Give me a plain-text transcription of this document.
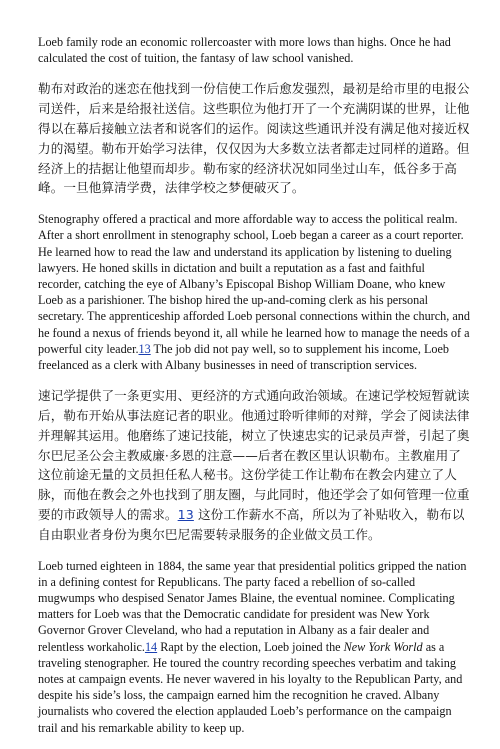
Loeb family rode an economic rollercoaster with more lows than highs. Once he had calculated the cost of tuition, the fantasy of law school vanished.

勒布对政治的迷恋在他找到一份信使工作后愈发强烈，最初是给市里的电报公司送件，后来是给报社送信。这些职位为他打开了一个充满阴谋的世界，让他得以在幕后接触立法者和说客们的运作。阅读这些通讯并没有满足他对接近权力的渴望。勒布开始学习法律，仅仅因为大多数立法者都走过同样的道路。但经济上的拮据让他望而却步。勒布家的经济状况如同坐过山车，低谷多于高峰。一旦他算清学费，法律学校之梦便破灭了。

Stenography offered a practical and more affordable way to access the political realm. After a short enrollment in stenography school, Loeb began a career as a court reporter. He learned how to read the law and understand its application by listening to dueling lawyers. He honed skills in dictation and built a reputation as a fast and faithful recorder, catching the eye of Albany’s Episcopal Bishop William Doane, who knew Loeb as a parishioner. The bishop hired the up-and-coming clerk as his personal secretary. The apprenticeship afforded Loeb personal connections within the church, and he found a nexus of friends beyond it, all while he learned how to manage the needs of a powerful city leader.13 The job did not pay well, so to supplement his income, Loeb freelanced as a clerk with Albany businesses in need of transcription services.

速记学提供了一条更实用、更经济的方式通向政治领域。在速记学校短暂就读后，勒布开始从事法庭记者的职业。他通过聆听律师的对辩，学会了阅读法律并理解其运用。他磨练了速记技能，树立了快速忠实的记录员声誉，引起了奥尔巴尼圣公会主教威廉·多恩的注意——后者在教区里认识勒布。主教雇用了这位前途无量的文员担任私人秘书。这份学徒工作让勒布在教会内建立了人脉，而他在教会之外也找到了朋友圈，与此同时，他还学会了如何管理一位重要的市政领导人的需求。13 这份工作薪水不高，所以为了补贴收入，勒布以自由职业者身份为奥尔巴尼需要转录服务的企业做文员工作。

Loeb turned eighteen in 1884, the same year that presidential politics gripped the nation in a defining contest for Republicans. The party faced a rebellion of so-called mugwumps who despised Senator James Blaine, the eventual nominee. Complicating matters for Loeb was that the Democratic candidate for president was New York Governor Grover Cleveland, who had a reputation in Albany as a fair dealer and relentless workaholic.14 Rapt by the election, Loeb joined the New York World as a traveling stenographer. He toured the country recording speeches verbatim and taking notes at campaign events. He never wavered in his loyalty to the Republican Party, and despite his side’s loss, the campaign earned him the recognition he craved. Albany journalists who covered the election applauded Loeb’s performance on the campaign trail and his remarkable ability to keep up.
